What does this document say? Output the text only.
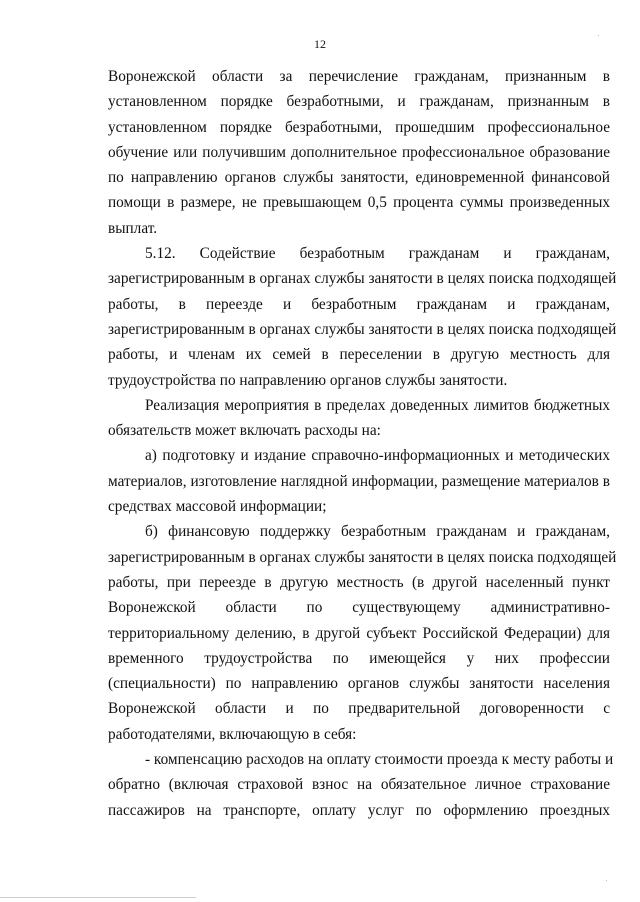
12
Воронежской области за перечисление гражданам, признанным в
установленном порядке безработными, и гражданам, признанным в
установленном порядке безработными, прошедшим профессиональное
обучение или получившим дополнительное профессиональное образование
по направлению органов службы занятости, единовременной финансовой
помощи в размере, не превышающем 0,5 процента суммы произведенных
выплат.
5.12. Содействие безработным гражданам и гражданам,
зарегистрированным в органах службы занятости в целях поиска подходящей
работы, в переезде и безработным гражданам и гражданам,
зарегистрированным в органах службы занятости в целях поиска подходящей
работы, и членам их семей в переселении в другую местность для
трудоустройства по направлению органов службы занятости.
Реализация мероприятия в пределах доведенных лимитов бюджетных
обязательств может включать расходы на:
а) подготовку и издание справочно-информационных и методических
материалов, изготовление наглядной информации, размещение материалов в
средствах массовой информации;
б) финансовую поддержку безработным гражданам и гражданам,
зарегистрированным в органах службы занятости в целях поиска подходящей
работы, при переезде в другую местность (в другой населенный пункт
Воронежской области по существующему административно-
территориальному делению, в другой субъект Российской Федерации) для
временного трудоустройства по имеющейся у них профессии
(специальности) по направлению органов службы занятости населения
Воронежской области и по предварительной договоренности с
работодателями, включающую в себя:
- компенсацию расходов на оплату стоимости проезда к месту работы и
обратно (включая страховой взнос на обязательное личное страхование
пассажиров на транспорте, оплату услуг по оформлению проездных
